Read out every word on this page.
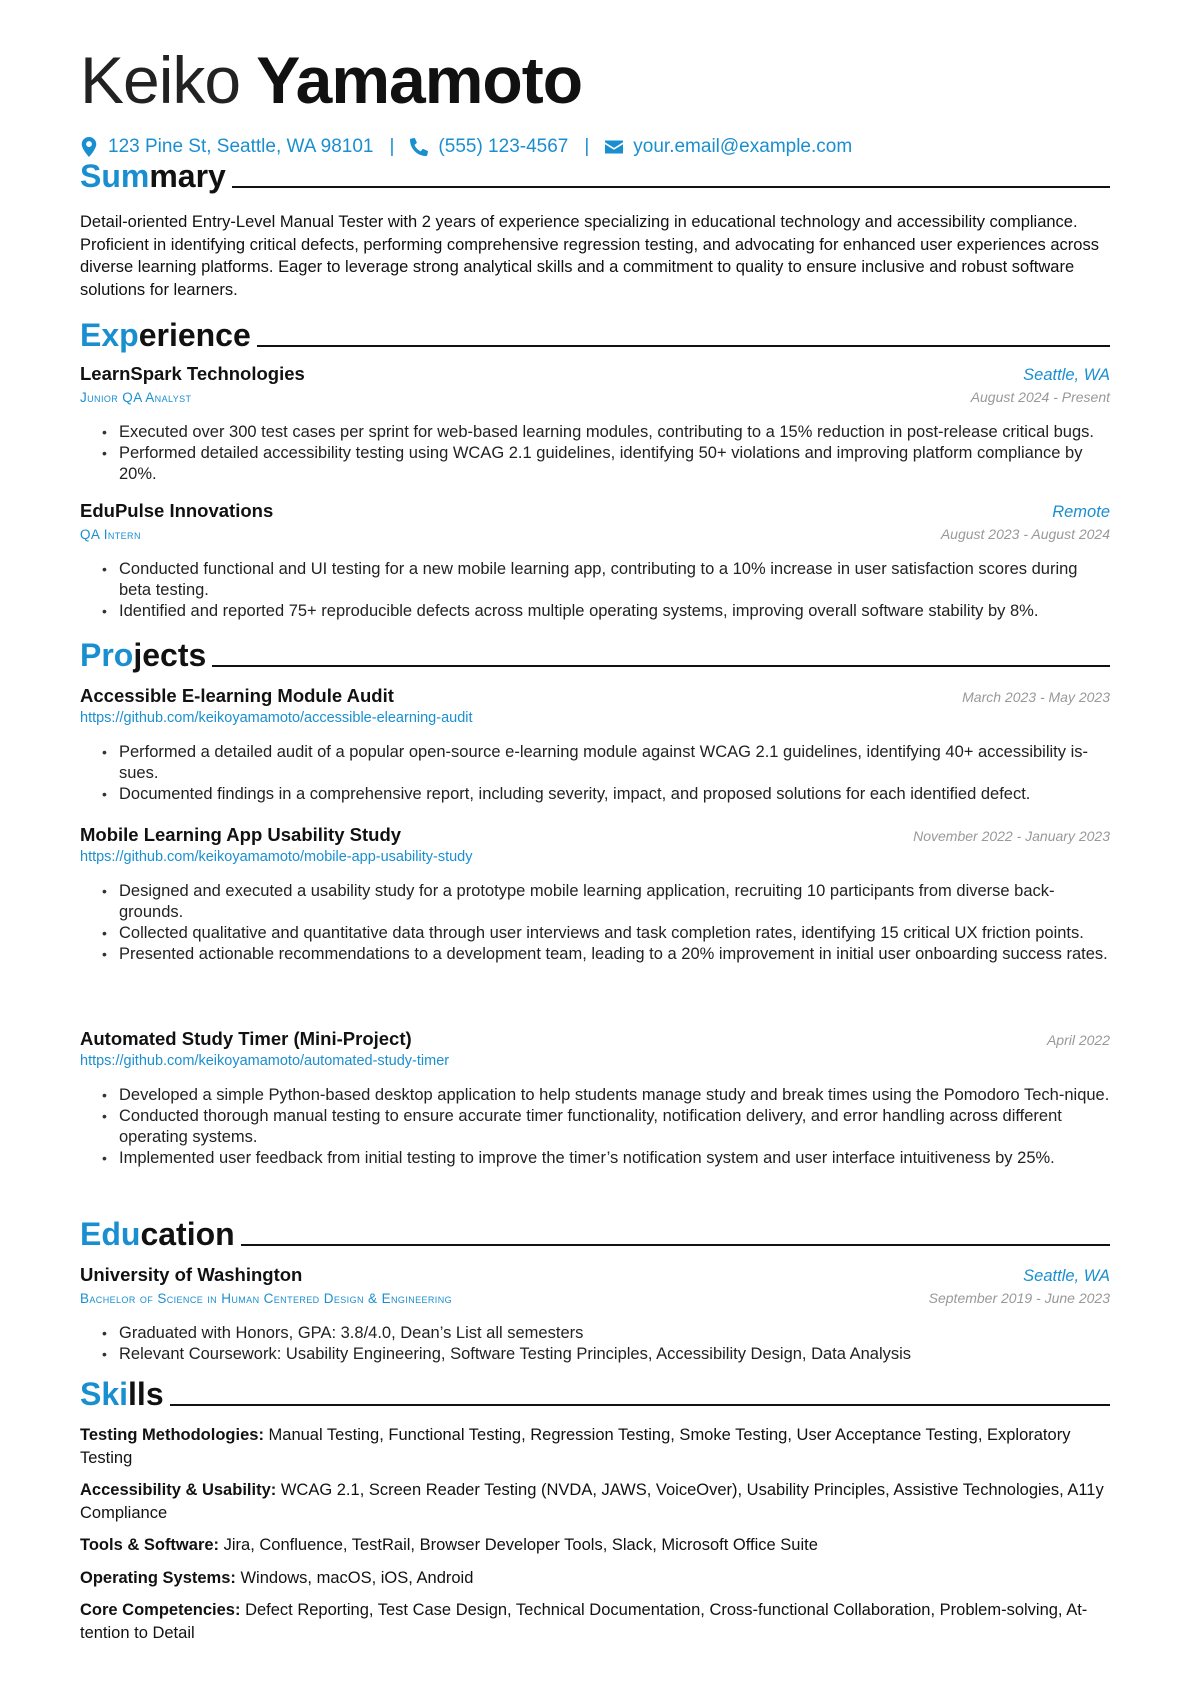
Keiko Yamamoto
123 Pine St, Seattle, WA 98101 | (555) 123-4567 | your.email@example.com
Summary
Detail-oriented Entry-Level Manual Tester with 2 years of experience specializing in educational technology and accessibility compliance. Proficient in identifying critical defects, performing comprehensive regression testing, and advocating for enhanced user experiences across diverse learning platforms. Eager to leverage strong analytical skills and a commitment to quality to ensure inclusive and robust software solutions for learners.
Experience
LearnSpark Technologies	Seattle, WA
Junior QA Analyst	August 2024 - Present
• Executed over 300 test cases per sprint for web-based learning modules, contributing to a 15% reduction in post-release critical bugs.
• Performed detailed accessibility testing using WCAG 2.1 guidelines, identifying 50+ violations and improving platform compliance by 20%.
EduPulse Innovations	Remote
QA Intern	August 2023 - August 2024
• Conducted functional and UI testing for a new mobile learning app, contributing to a 10% increase in user satisfaction scores during beta testing.
• Identified and reported 75+ reproducible defects across multiple operating systems, improving overall software stability by 8%.
Projects
Accessible E-learning Module Audit	March 2023 - May 2023
https://github.com/keikoyamamoto/accessible-elearning-audit
• Performed a detailed audit of a popular open-source e-learning module against WCAG 2.1 guidelines, identifying 40+ accessibility is-sues.
• Documented findings in a comprehensive report, including severity, impact, and proposed solutions for each identified defect.
Mobile Learning App Usability Study	November 2022 - January 2023
https://github.com/keikoyamamoto/mobile-app-usability-study
• Designed and executed a usability study for a prototype mobile learning application, recruiting 10 participants from diverse back-grounds.
• Collected qualitative and quantitative data through user interviews and task completion rates, identifying 15 critical UX friction points.
• Presented actionable recommendations to a development team, leading to a 20% improvement in initial user onboarding success rates.
Automated Study Timer (Mini-Project)	April 2022
https://github.com/keikoyamamoto/automated-study-timer
• Developed a simple Python-based desktop application to help students manage study and break times using the Pomodoro Tech-nique.
• Conducted thorough manual testing to ensure accurate timer functionality, notification delivery, and error handling across different operating systems.
• Implemented user feedback from initial testing to improve the timer’s notification system and user interface intuitiveness by 25%.
Education
University of Washington	Seattle, WA
Bachelor of Science in Human Centered Design & Engineering	September 2019 - June 2023
• Graduated with Honors, GPA: 3.8/4.0, Dean’s List all semesters
• Relevant Coursework: Usability Engineering, Software Testing Principles, Accessibility Design, Data Analysis
Skills
Testing Methodologies: Manual Testing, Functional Testing, Regression Testing, Smoke Testing, User Acceptance Testing, Exploratory Testing
Accessibility & Usability: WCAG 2.1, Screen Reader Testing (NVDA, JAWS, VoiceOver), Usability Principles, Assistive Technologies, A11y Compliance
Tools & Software: Jira, Confluence, TestRail, Browser Developer Tools, Slack, Microsoft Office Suite
Operating Systems: Windows, macOS, iOS, Android
Core Competencies: Defect Reporting, Test Case Design, Technical Documentation, Cross-functional Collaboration, Problem-solving, At-tention to Detail
